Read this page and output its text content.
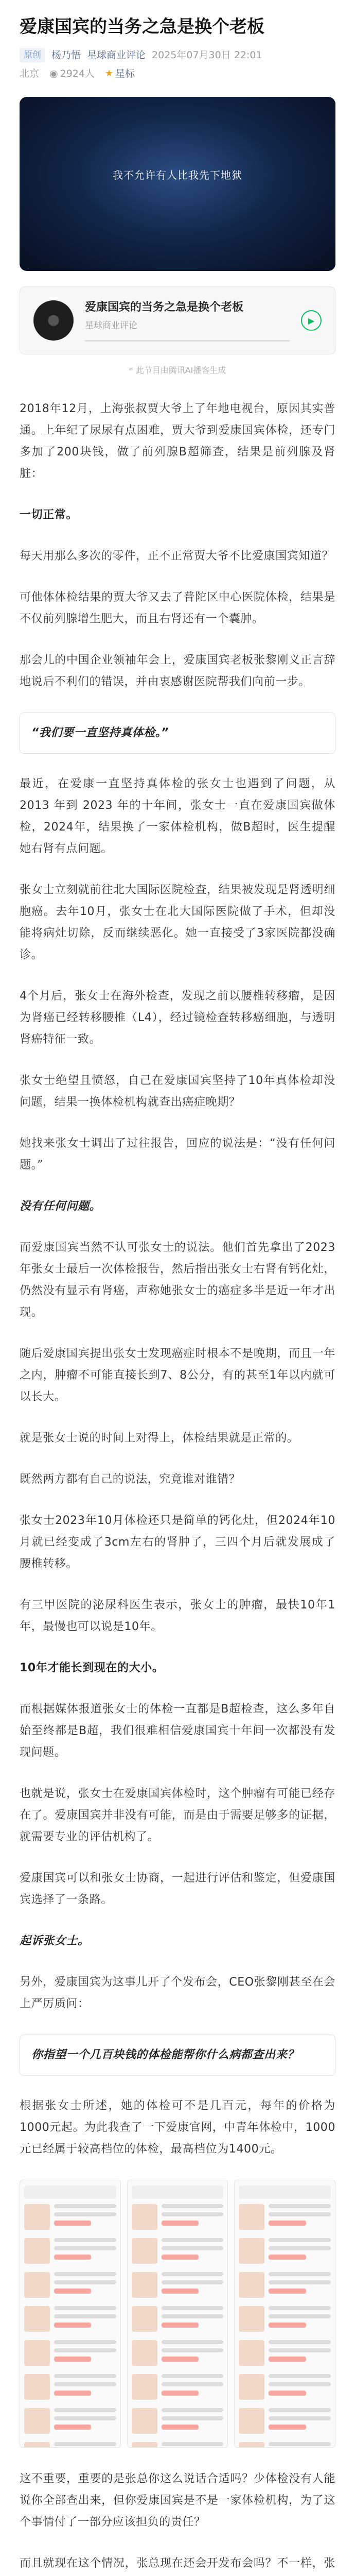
爱康国宾的当务之急是换个老板
原创	杨乃悟 星球商业评论 2025年07月30日 22:01
北京 ◉ 2924人 ★ 星标
我不允许有人比我先下地狱
爱康国宾的当务之急是换个老板
星球商业评论	▶
* 此节目由腾讯AI播客生成

2018年12月，上海张叔贾大爷上了年地电视台，原因其实普通。上年纪了尿尿有点困难，贾大爷到爱康国宾体检，还专门多加了200块钱，做了前列腺B超筛查，结果是前列腺及肾脏：

一切正常。

每天用那么多次的零件，正不正常贾大爷不比爱康国宾知道？

可他体体检结果的贾大爷又去了普陀区中心医院体检，结果是不仅前列腺增生肥大，而且右肾还有一个囊肿。

那会儿的中国企业领袖年会上，爱康国宾老板张黎刚义正言辞地说后不利们的错误，并由衷感谢医院帮我们向前一步。

“我们要一直坚持真体检。”

最近，在爱康一直坚持真体检的张女士也遇到了问题，从 2013 年到 2023 年的十年间，张女士一直在爱康国宾做体检，2024年，结果换了一家体检机构，做B超时，医生提醒她右肾有点问题。

张女士立刻就前往北大国际医院检查，结果被发现是肾透明细胞癌。去年10月，张女士在北大国际医院做了手术，但却没能将病灶切除，反而继续恶化。她一直接受了3家医院都没确诊。

4个月后，张女士在海外检查，发现之前以腰椎转移瘤，是因为肾癌已经转移腰椎（L4），经过镜检查转移癌细胞，与透明肾癌特征一致。

张女士绝望且愤怒，自己在爱康国宾坚持了10年真体检却没问题，结果一换体检机构就查出癌症晚期？

她找来张女士调出了过往报告，回应的说法是：“没有任何问题。”

没有任何问题。

而爱康国宾当然不认可张女士的说法。他们首先拿出了2023年张女士最后一次体检报告，然后指出张女士右肾有钙化灶，仍然没有显示有肾癌，声称她张女士的癌症多半是近一年才出现。

随后爱康国宾提出张女士发现癌症时根本不是晚期，而且一年之内，肿瘤不可能直接长到7、8公分，有的甚至1年以内就可以长大。

就是张女士说的时间上对得上，体检结果就是正常的。

既然两方都有自己的说法，究竟谁对谁错？

张女士2023年10月体检还只是简单的钙化灶，但2024年10月就已经变成了3cm左右的肾肿了，三四个月后就发展成了腰椎转移。

有三甲医院的泌尿科医生表示，张女士的肿瘤，最快10年1年，最慢也可以说是10年。

10年才能长到现在的大小。

而根据媒体报道张女士的体检一直都是B超检查，这么多年自始至终都是B超，我们很难相信爱康国宾十年间一次都没有发现问题。

也就是说，张女士在爱康国宾体检时，这个肿瘤有可能已经存在了。爱康国宾并非没有可能，而是由于需要足够多的证据，就需要专业的评估机构了。

爱康国宾可以和张女士协商，一起进行评估和鉴定，但爱康国宾选择了一条路。

起诉张女士。

另外，爱康国宾为这事儿开了个发布会，CEO张黎刚甚至在会上严厉质问：

你指望一个几百块钱的体检能帮你什么病都查出来？

根据张女士所述，她的体检可不是几百元，每年的价格为1000元起。为此我查了一下爱康官网，中青年体检中，1000元已经属于较高档位的体检，最高档位为1400元。

这不重要，重要的是张总你这么说话合适吗？少体检没有人能说你全部查出来，但你爱康国宾是不是一家体检机构，为了这个事情付了一部分应该担负的责任？

而且就现在这个情况，张总现在还会开发布会吗？不一样，张
